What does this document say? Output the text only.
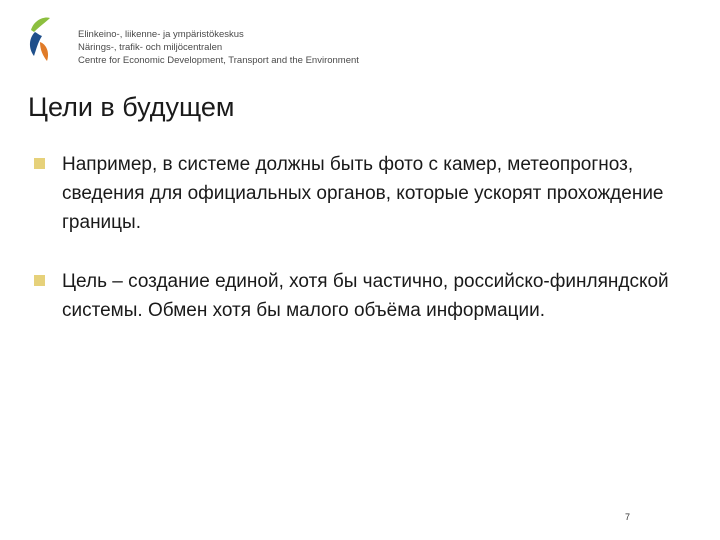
Elinkeino-, liikenne- ja ympäristökeskus
Närings-, trafik- och miljöcentralen
Centre for Economic Development, Transport and the Environment
Цели в будущем
Например, в системе должны быть фото с камер, метеопрогноз, сведения для официальных органов, которые ускорят прохождение границы.
Цель – создание единой, хотя бы частично, российско-финляндской системы. Обмен хотя бы малого объёма информации.
7
